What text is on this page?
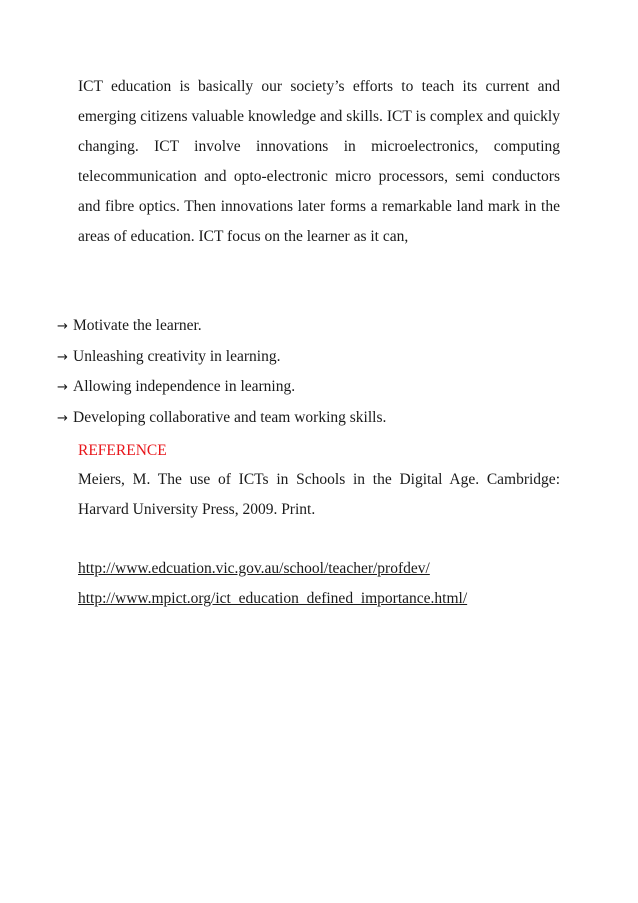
ICT education is basically our society’s efforts to teach its current and emerging citizens valuable knowledge and skills. ICT is complex and quickly changing. ICT involve innovations in microelectronics, computing telecommunication and opto-electronic micro processors, semi conductors and fibre optics. Then innovations later forms a remarkable land mark in the areas of education. ICT focus on the learner as it can,

→ Motivate the learner.
→ Unleashing creativity in learning.
→ Allowing independence in learning.
→ Developing collaborative and team working skills.
REFERENCE

Meiers, M. The use of ICTs in Schools in the Digital Age. Cambridge: Harvard University Press, 2009. Print.

http://www.edcuation.vic.gov.au/school/teacher/profdev/
http://www.mpict.org/ict_education_defined_importance.html/
